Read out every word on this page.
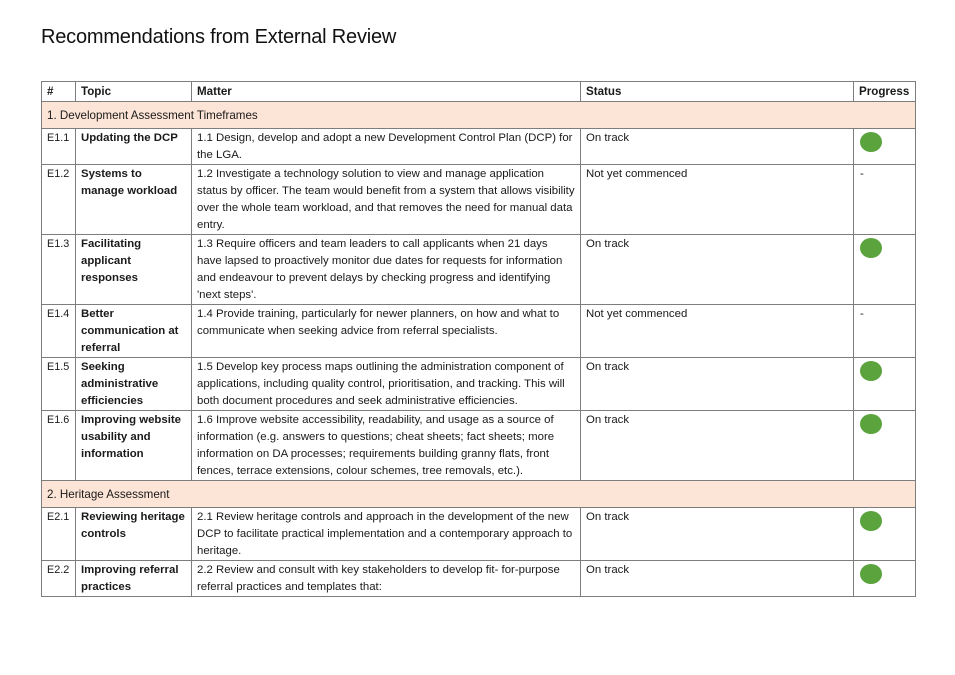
Recommendations from External Review
#	Topic	Matter	Status	Progress
1. Development Assessment Timeframes				
E1.1	Updating the DCP	1.1 Design, develop and adopt a new Development Control Plan (DCP) for the LGA.	On track	

E1.2	Systems to manage workload	1.2 Investigate a technology solution to view and manage application status by officer. The team would benefit from a system that allows visibility over the whole team workload, and that removes the need for manual data entry.	Not yet commenced	-

E1.3	Facilitating applicant responses	1.3 Require officers and team leaders to call applicants when 21 days have lapsed to proactively monitor due dates for requests for information and endeavour to prevent delays by checking progress and identifying 'next steps'.	On track	

E1.4	Better communication at referral	1.4 Provide training, particularly for newer planners, on how and what to communicate when seeking advice from referral specialists.	Not yet commenced	-

E1.5	Seeking administrative efficiencies	1.5 Develop key process maps outlining the administration component of applications, including quality control, prioritisation, and tracking. This will both document procedures and seek administrative efficiencies.	On track	

E1.6	Improving website usability and information	1.6 Improve website accessibility, readability, and usage as a source of information (e.g. answers to questions; cheat sheets; fact sheets; more information on DA processes; requirements building granny flats, front fences, terrace extensions, colour schemes, tree removals, etc.).	On track	

2. Heritage Assessment				
E2.1	Reviewing heritage controls	2.1 Review heritage controls and approach in the development of the new DCP to facilitate practical implementation and a contemporary approach to heritage.	On track	

E2.2	Improving referral practices	2.2 Review and consult with key stakeholders to develop fit- for-purpose referral practices and templates that:	On track	
